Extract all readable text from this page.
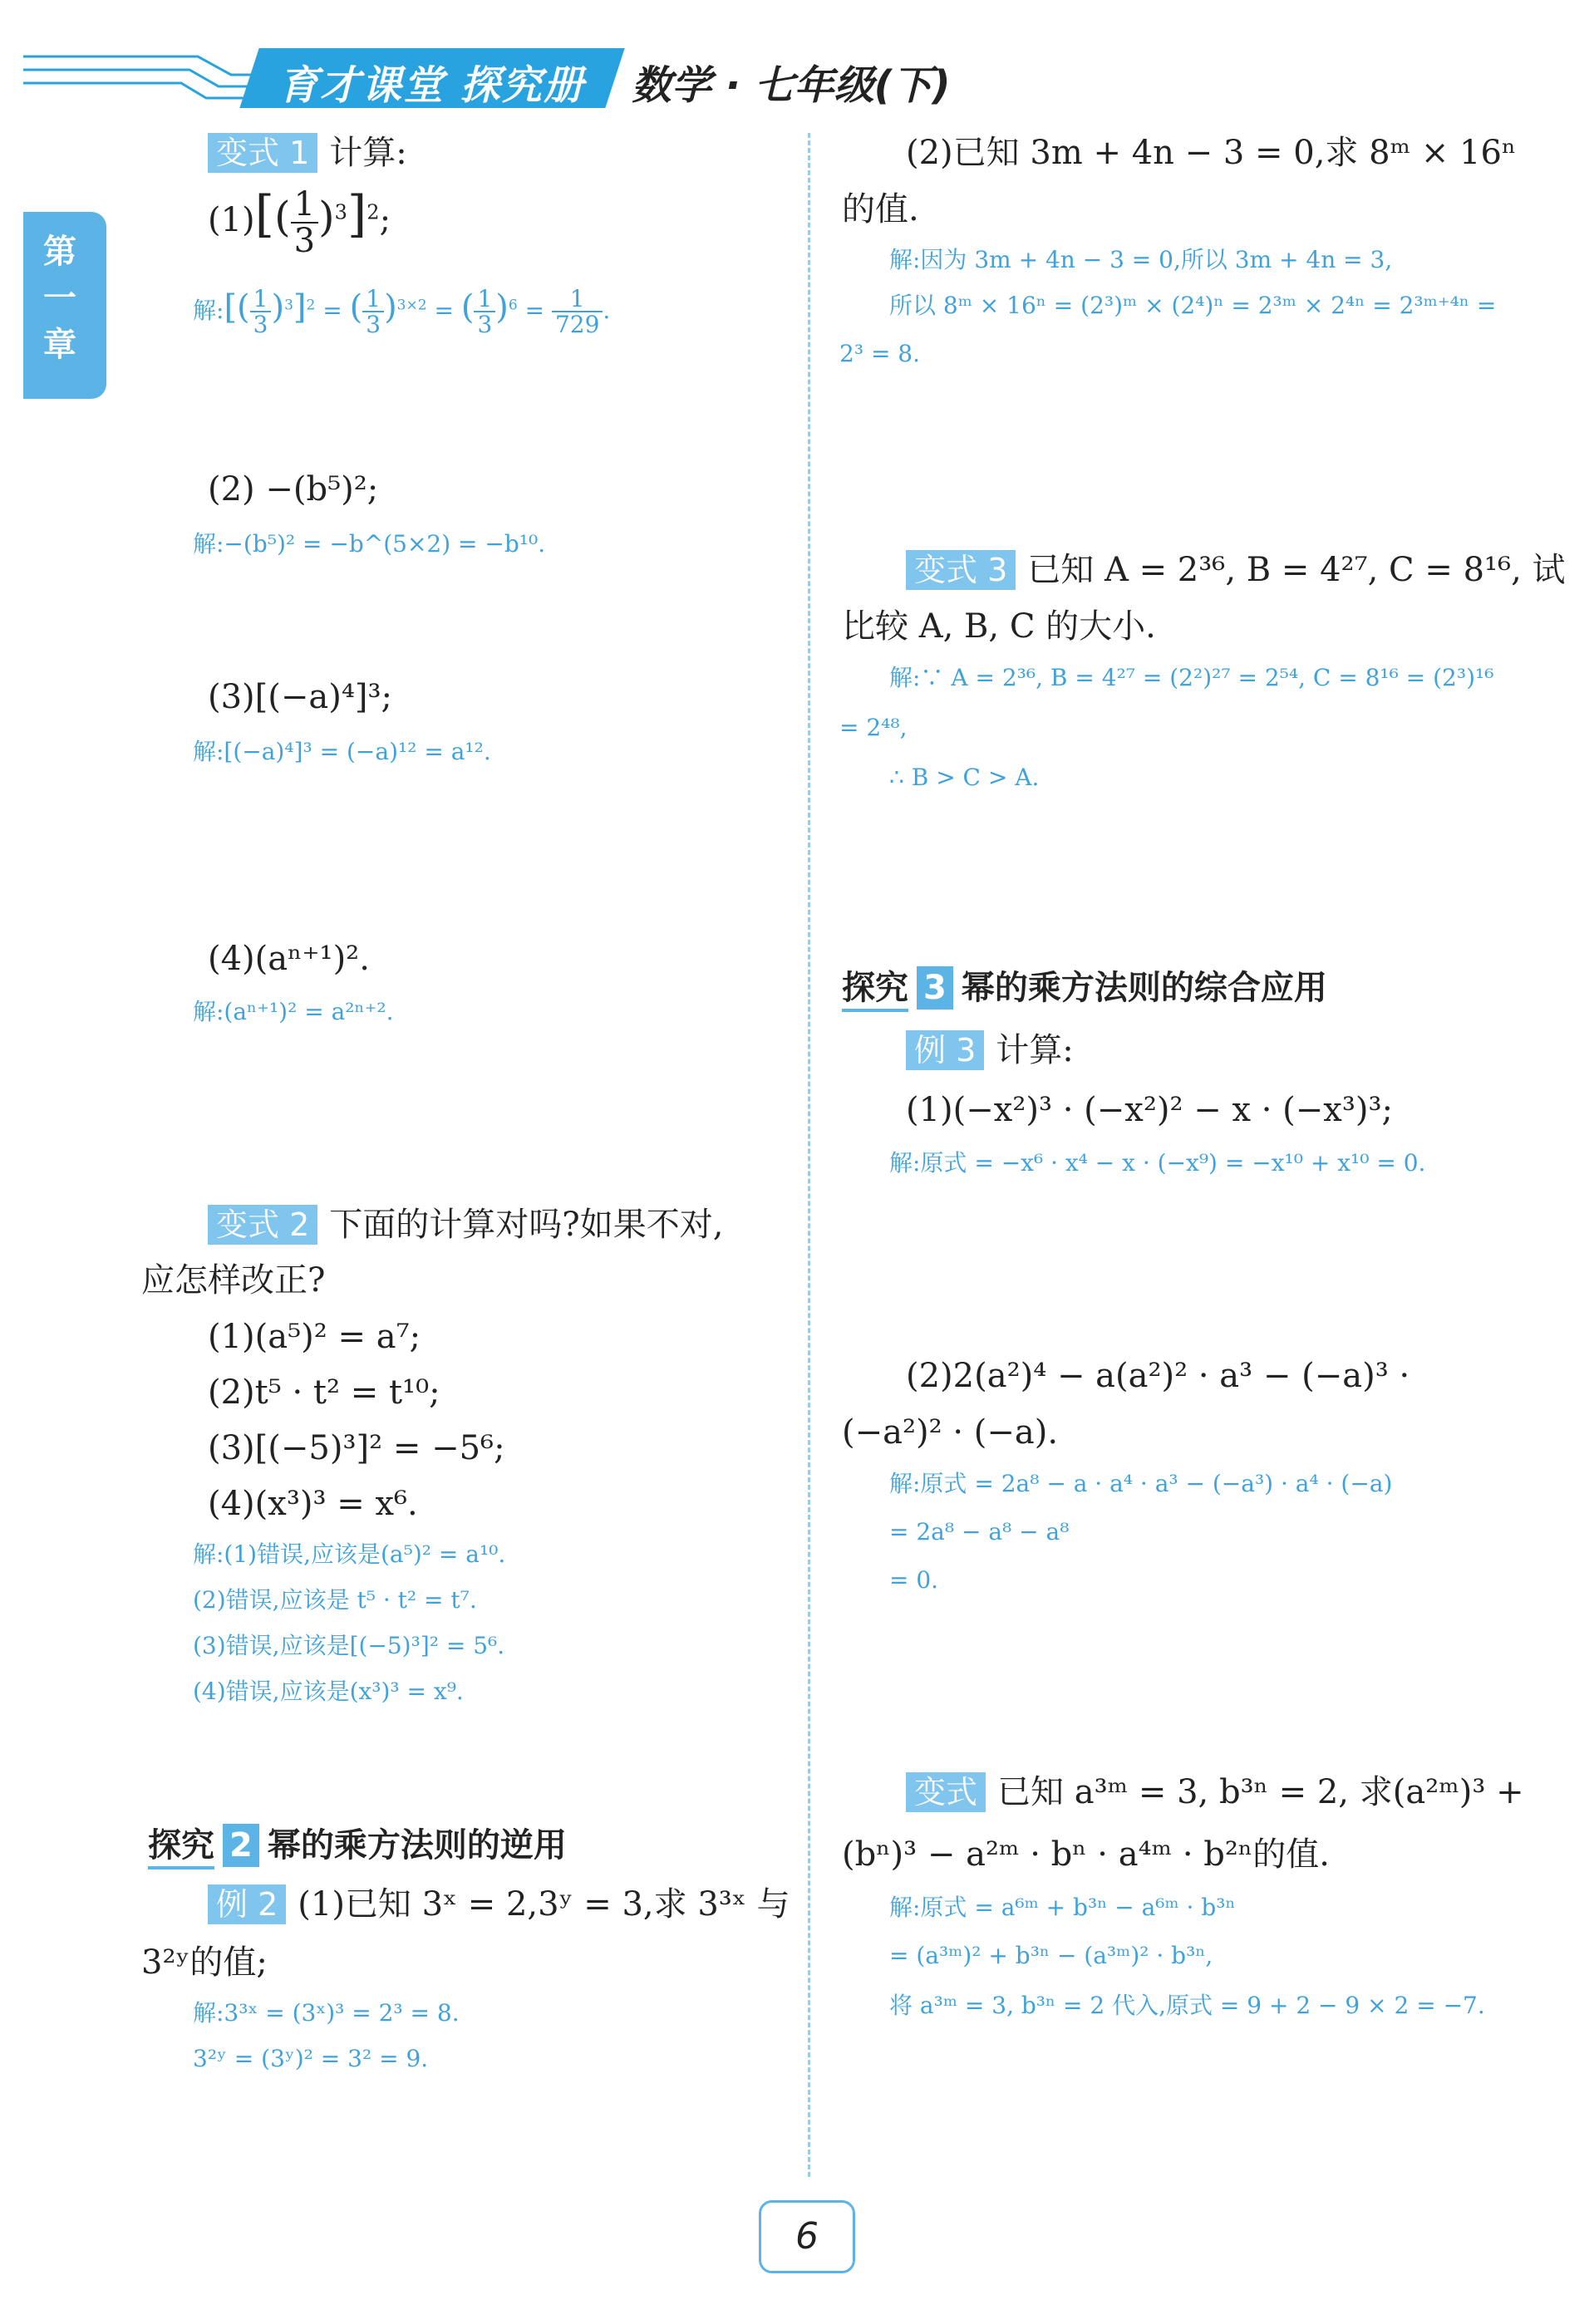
育才课堂 探究册 数学 · 七年级(下)
第
一
章
变式 1 计算:
$(1)[( \frac{1}{3} )^3]^2$;
解:[( $\frac{1}{3} )^3]^2$ = ( $\frac{1}{3} )^{3\times 2}$ = ( $\frac{1}{3} )^6 = \frac{1}{729}$ .
(2) −(b⁵)²;
解:−(b⁵)² = −b^(5×2) = −b¹⁰.
(3)[(−a)⁴]³;
解:[(−a)⁴]³ = (−a)¹² = a¹².
(4)(aⁿ⁺¹)².
解:(aⁿ⁺¹)² = a²ⁿ⁺².
变式 2 下面的计算对吗?如果不对,
应怎样改正?
(1)(a⁵)² = a⁷;
(2)t⁵ · t² = t¹⁰;
(3)[(−5)³]² = −5⁶;
(4)(x³)³ = x⁶.
解:(1)错误,应该是(a⁵)² = a¹⁰.
(2)错误,应该是 t⁵ · t² = t⁷.
(3)错误,应该是[(−5)³]² = 5⁶.
(4)错误,应该是(x³)³ = x⁹.
探究 2 幂的乘方法则的逆用
例 2 (1)已知 3ˣ = 2,3ʸ = 3,求 3³ˣ 与
3²ʸ的值;
解:3³ˣ = (3ˣ)³ = 2³ = 8.
3²ʸ = (3ʸ)² = 3² = 9.
(2)已知 3m + 4n − 3 = 0,求 8ᵐ × 16ⁿ
的值.
解:因为 3m + 4n − 3 = 0,所以 3m + 4n = 3,
所以 8ᵐ × 16ⁿ = (2³)ᵐ × (2⁴)ⁿ = 2³ᵐ × 2⁴ⁿ = 2³ᵐ⁺⁴ⁿ =
2³ = 8.
变式 3 已知 A = 2³⁶, B = 4²⁷, C = 8¹⁶, 试
比较 A, B, C 的大小.
解:∵ A = 2³⁶, B = 4²⁷ = (2²)²⁷ = 2⁵⁴, C = 8¹⁶ = (2³)¹⁶
= 2⁴⁸,
∴ B > C > A.
探究 3 幂的乘方法则的综合应用
例 3 计算:
(1)(−x²)³ · (−x²)² − x · (−x³)³;
解:原式 = −x⁶ · x⁴ − x · (−x⁹) = −x¹⁰ + x¹⁰ = 0.
(2)2(a²)⁴ − a(a²)² · a³ − (−a)³ ·
(−a²)² · (−a).
解:原式 = 2a⁸ − a · a⁴ · a³ − (−a³) · a⁴ · (−a)
= 2a⁸ − a⁸ − a⁸
= 0.
变式 已知 a³ᵐ = 3, b³ⁿ = 2, 求(a²ᵐ)³ +
(bⁿ)³ − a²ᵐ · bⁿ · a⁴ᵐ · b²ⁿ的值.
解:原式 = a⁶ᵐ + b³ⁿ − a⁶ᵐ · b³ⁿ
= (a³ᵐ)² + b³ⁿ − (a³ᵐ)² · b³ⁿ,
将 a³ᵐ = 3, b³ⁿ = 2 代入,原式 = 9 + 2 − 9 × 2 = −7.
6
